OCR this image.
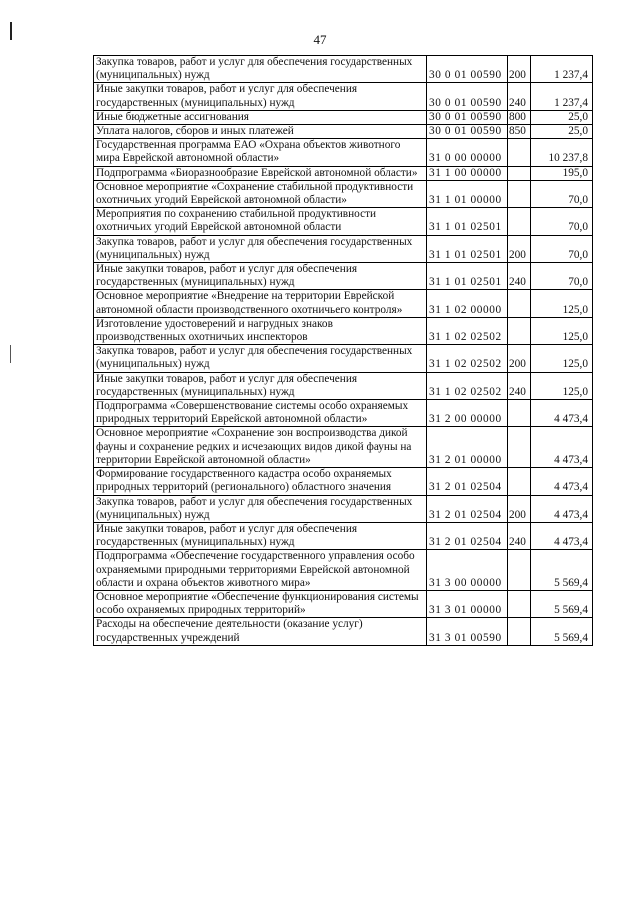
47
Закупка товаров, работ и услуг для обеспечения государственных (муниципальных) нужд	30 0 01 00590	200	1 237,4

Иные закупки товаров, работ и услуг для обеспечения государственных (муниципальных) нужд	30 0 01 00590	240	1 237,4

Иные бюджетные ассигнования	30 0 01 00590	800	25,0

Уплата налогов, сборов и иных платежей	30 0 01 00590	850	25,0

Государственная программа ЕАО «Охрана объектов животного мира Еврейской автономной области»	31 0 00 00000		10 237,8

Подпрограмма «Биоразнообразие Еврейской автономной области»	31 1 00 00000		195,0

Основное мероприятие «Сохранение стабильной продуктивности охотничьих угодий Еврейской автономной области»	31 1 01 00000		70,0

Мероприятия по сохранению стабильной продуктивности охотничьих угодий Еврейской автономной области	31 1 01 02501		70,0

Закупка товаров, работ и услуг для обеспечения государственных (муниципальных) нужд	31 1 01 02501	200	70,0

Иные закупки товаров, работ и услуг для обеспечения государственных (муниципальных) нужд	31 1 01 02501	240	70,0

Основное мероприятие «Внедрение на территории Еврейской автономной области производственного охотничьего контроля»	31 1 02 00000		125,0

Изготовление удостоверений и нагрудных знаков производственных охотничьих инспекторов	31 1 02 02502		125,0

Закупка товаров, работ и услуг для обеспечения государственных (муниципальных) нужд	31 1 02 02502	200	125,0

Иные закупки товаров, работ и услуг для обеспечения государственных (муниципальных) нужд	31 1 02 02502	240	125,0

Подпрограмма «Совершенствование системы особо охраняемых природных территорий Еврейской автономной области»	31 2 00 00000		4 473,4

Основное мероприятие «Сохранение зон воспроизводства дикой фауны и сохранение редких и исчезающих видов дикой фауны на территории Еврейской автономной области»	31 2 01 00000		4 473,4

Формирование государственного кадастра особо охраняемых природных территорий (регионального) областного значения	31 2 01 02504		4 473,4

Закупка товаров, работ и услуг для обеспечения государственных (муниципальных) нужд	31 2 01 02504	200	4 473,4

Иные закупки товаров, работ и услуг для обеспечения государственных (муниципальных) нужд	31 2 01 02504	240	4 473,4

Подпрограмма «Обеспечение государственного управления особо охраняемыми природными территориями Еврейской автономной области и охрана объектов животного мира»	31 3 00 00000		5 569,4

Основное мероприятие «Обеспечение функционирования системы особо охраняемых природных территорий»	31 3 01 00000		5 569,4

Расходы на обеспечение деятельности (оказание услуг) государственных учреждений	31 3 01 00590		5 569,4
